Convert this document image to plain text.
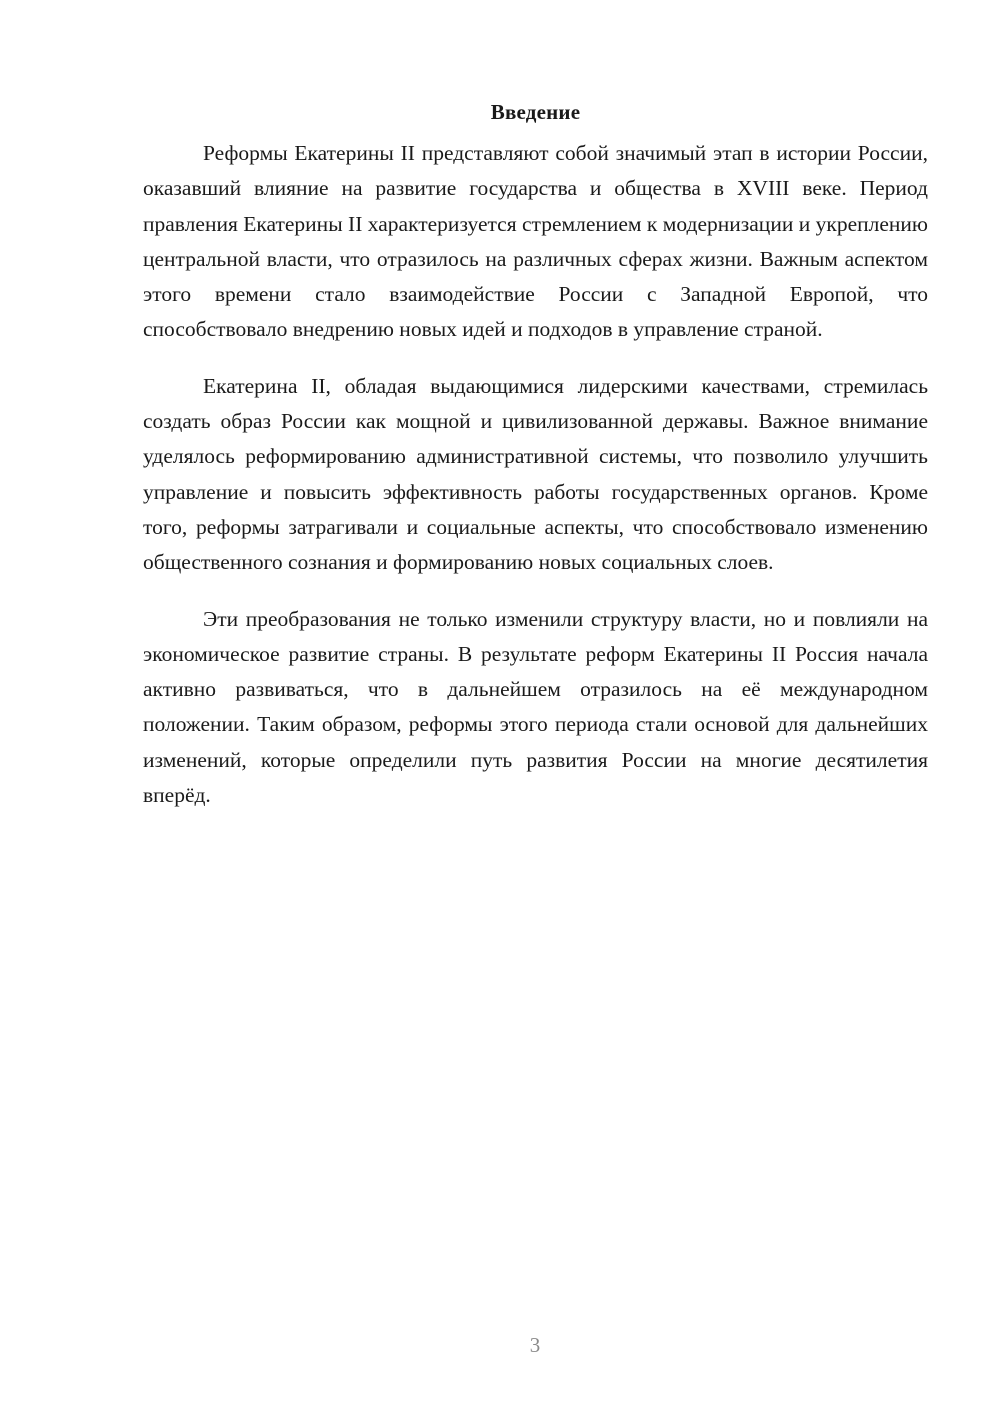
Введение

Реформы Екатерины II представляют собой значимый этап в истории России, оказавший влияние на развитие государства и общества в XVIII веке. Период правления Екатерины II характеризуется стремлением к модернизации и укреплению центральной власти, что отразилось на различных сферах жизни. Важным аспектом этого времени стало взаимодействие России с Западной Европой, что способствовало внедрению новых идей и подходов в управление страной.

Екатерина II, обладая выдающимися лидерскими качествами, стремилась создать образ России как мощной и цивилизованной державы. Важное внимание уделялось реформированию административной системы, что позволило улучшить управление и повысить эффективность работы государственных органов. Кроме того, реформы затрагивали и социальные аспекты, что способствовало изменению общественного сознания и формированию новых социальных слоев.

Эти преобразования не только изменили структуру власти, но и повлияли на экономическое развитие страны. В результате реформ Екатерины II Россия начала активно развиваться, что в дальнейшем отразилось на её международном положении. Таким образом, реформы этого периода стали основой для дальнейших изменений, которые определили путь развития России на многие десятилетия вперёд.

3
